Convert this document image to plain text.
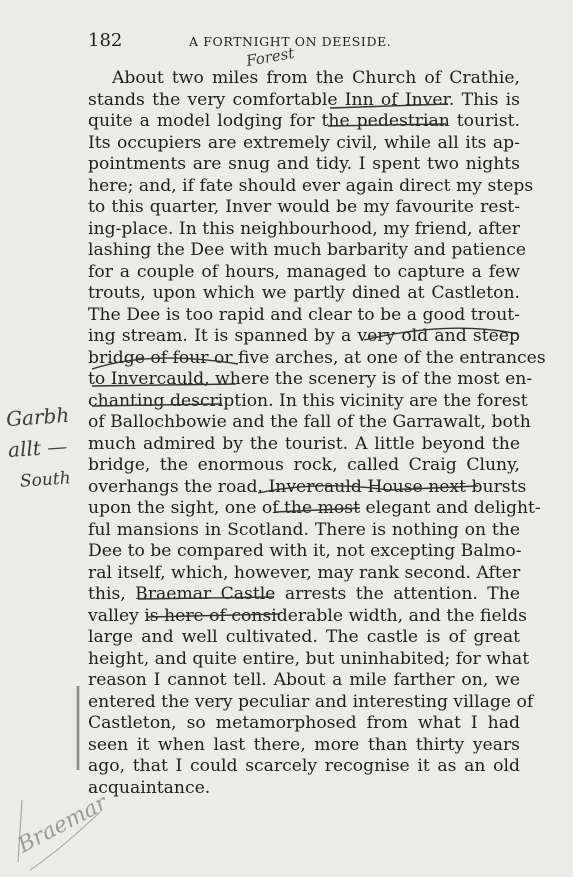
182	A FORTNIGHT ON DEESIDE.
Forest
About two miles from the Church of Crathie,
stands the very comfortable Inn of Inver. This is
quite a model lodging for the pedestrian tourist.
Its occupiers are extremely civil, while all its ap-
pointments are snug and tidy. I spent two nights
here; and, if fate should ever again direct my steps
to this quarter, Inver would be my favourite rest-
ing-place. In this neighbourhood, my friend, after
lashing the Dee with much barbarity and patience
for a couple of hours, managed to capture a few
trouts, upon which we partly dined at Castleton.
The Dee is too rapid and clear to be a good trout-
ing stream. It is spanned by a very old and steep
bridge of four or five arches, at one of the entrances
to Invercauld, where the scenery is of the most en-
chanting description. In this vicinity are the forest
of Ballochbowie and the fall of the Garrawalt, both
much admired by the tourist. A little beyond the
bridge, the enormous rock, called Craig Cluny,
overhangs the road. Invercauld House next bursts
upon the sight, one of the most elegant and delight-
ful mansions in Scotland. There is nothing on the
Dee to be compared with it, not excepting Balmo-
ral itself, which, however, may rank second. After
this, Braemar Castle arrests the attention. The
valley is here of considerable width, and the fields
large and well cultivated. The castle is of great
height, and quite entire, but uninhabited; for what
reason I cannot tell. About a mile farther on, we
entered the very peculiar and interesting village of
Castleton, so metamorphosed from what I had
seen it when last there, more than thirty years
ago, that I could scarcely recognise it as an old
acquaintance.
Garbh
allt —
South
Braemar
